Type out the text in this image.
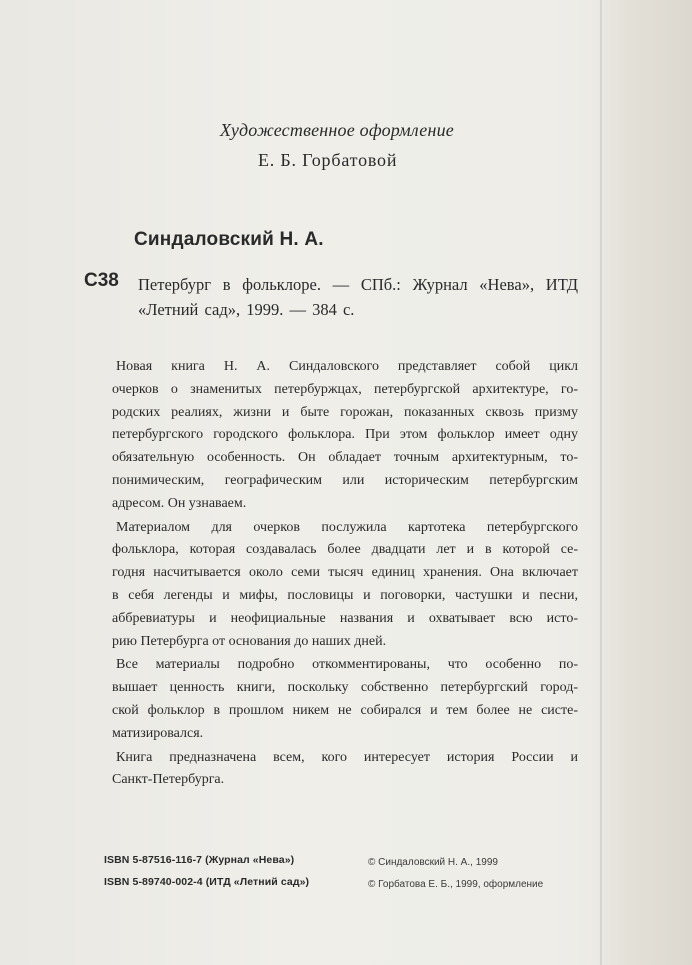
Художественное оформление
Е. Б. Горбатовой
Синдаловский Н. А.
С38 Петербург в фольклоре. — СПб.: Журнал «Нева», ИТД
«Летний сад», 1999. — 384 с.

Новая книга Н. А. Синдаловского представляет собой цикл
очерков о знаменитых петербуржцах, петербургской архитектуре, го-
родских реалиях, жизни и быте горожан, показанных сквозь призму
петербургского городского фольклора. При этом фольклор имеет одну
обязательную особенность. Он обладает точным архитектурным, то-
понимическим, географическим или историческим петербургским
адресом. Он узнаваем.

Материалом для очерков послужила картотека петербургского
фольклора, которая создавалась более двадцати лет и в которой се-
годня насчитывается около семи тысяч единиц хранения. Она включает
в себя легенды и мифы, пословицы и поговорки, частушки и песни,
аббревиатуры и неофициальные названия и охватывает всю исто-
рию Петербурга от основания до наших дней.

Все материалы подробно откомментированы, что особенно по-
вышает ценность книги, поскольку собственно петербургский город-
ской фольклор в прошлом никем не собирался и тем более не систе-
матизировался.

Книга предназначена всем, кого интересует история России и
Санкт-Петербурга.

ISBN 5-87516-116-7 (Журнал «Нева»)
ISBN 5-89740-002-4 (ИТД «Летний сад»)
© Синдаловский Н. А., 1999
© Горбатова Е. Б., 1999, оформление
